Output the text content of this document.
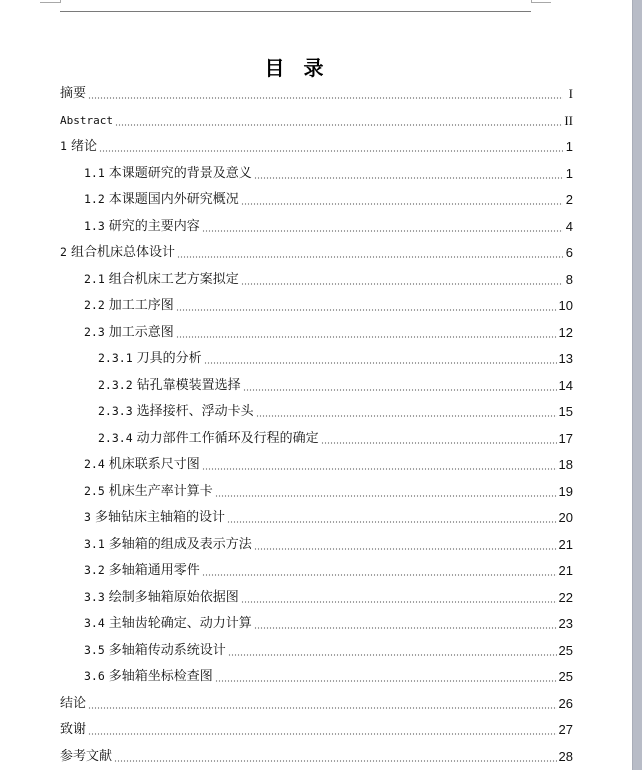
目 录
摘要	I
Abstract	II
1 绪论	1
1.1 本课题研究的背景及意义	1
1.2 本课题国内外研究概况	2
1.3 研究的主要内容	4
2 组合机床总体设计	6
2.1 组合机床工艺方案拟定	8
2.2 加工工序图	10
2.3 加工示意图	12
2.3.1 刀具的分析	13
2.3.2 钻孔靠模装置选择	14
2.3.3 选择接杆、浮动卡头	15
2.3.4 动力部件工作循环及行程的确定	17
2.4 机床联系尺寸图	18
2.5 机床生产率计算卡	19
3 多轴钻床主轴箱的设计	20
3.1 多轴箱的组成及表示方法	21
3.2 多轴箱通用零件	21
3.3 绘制多轴箱原始依据图	22
3.4 主轴齿轮确定、动力计算	23
3.5 多轴箱传动系统设计	25
3.6 多轴箱坐标检查图	25
结论	26
致谢	27
参考文献	28
